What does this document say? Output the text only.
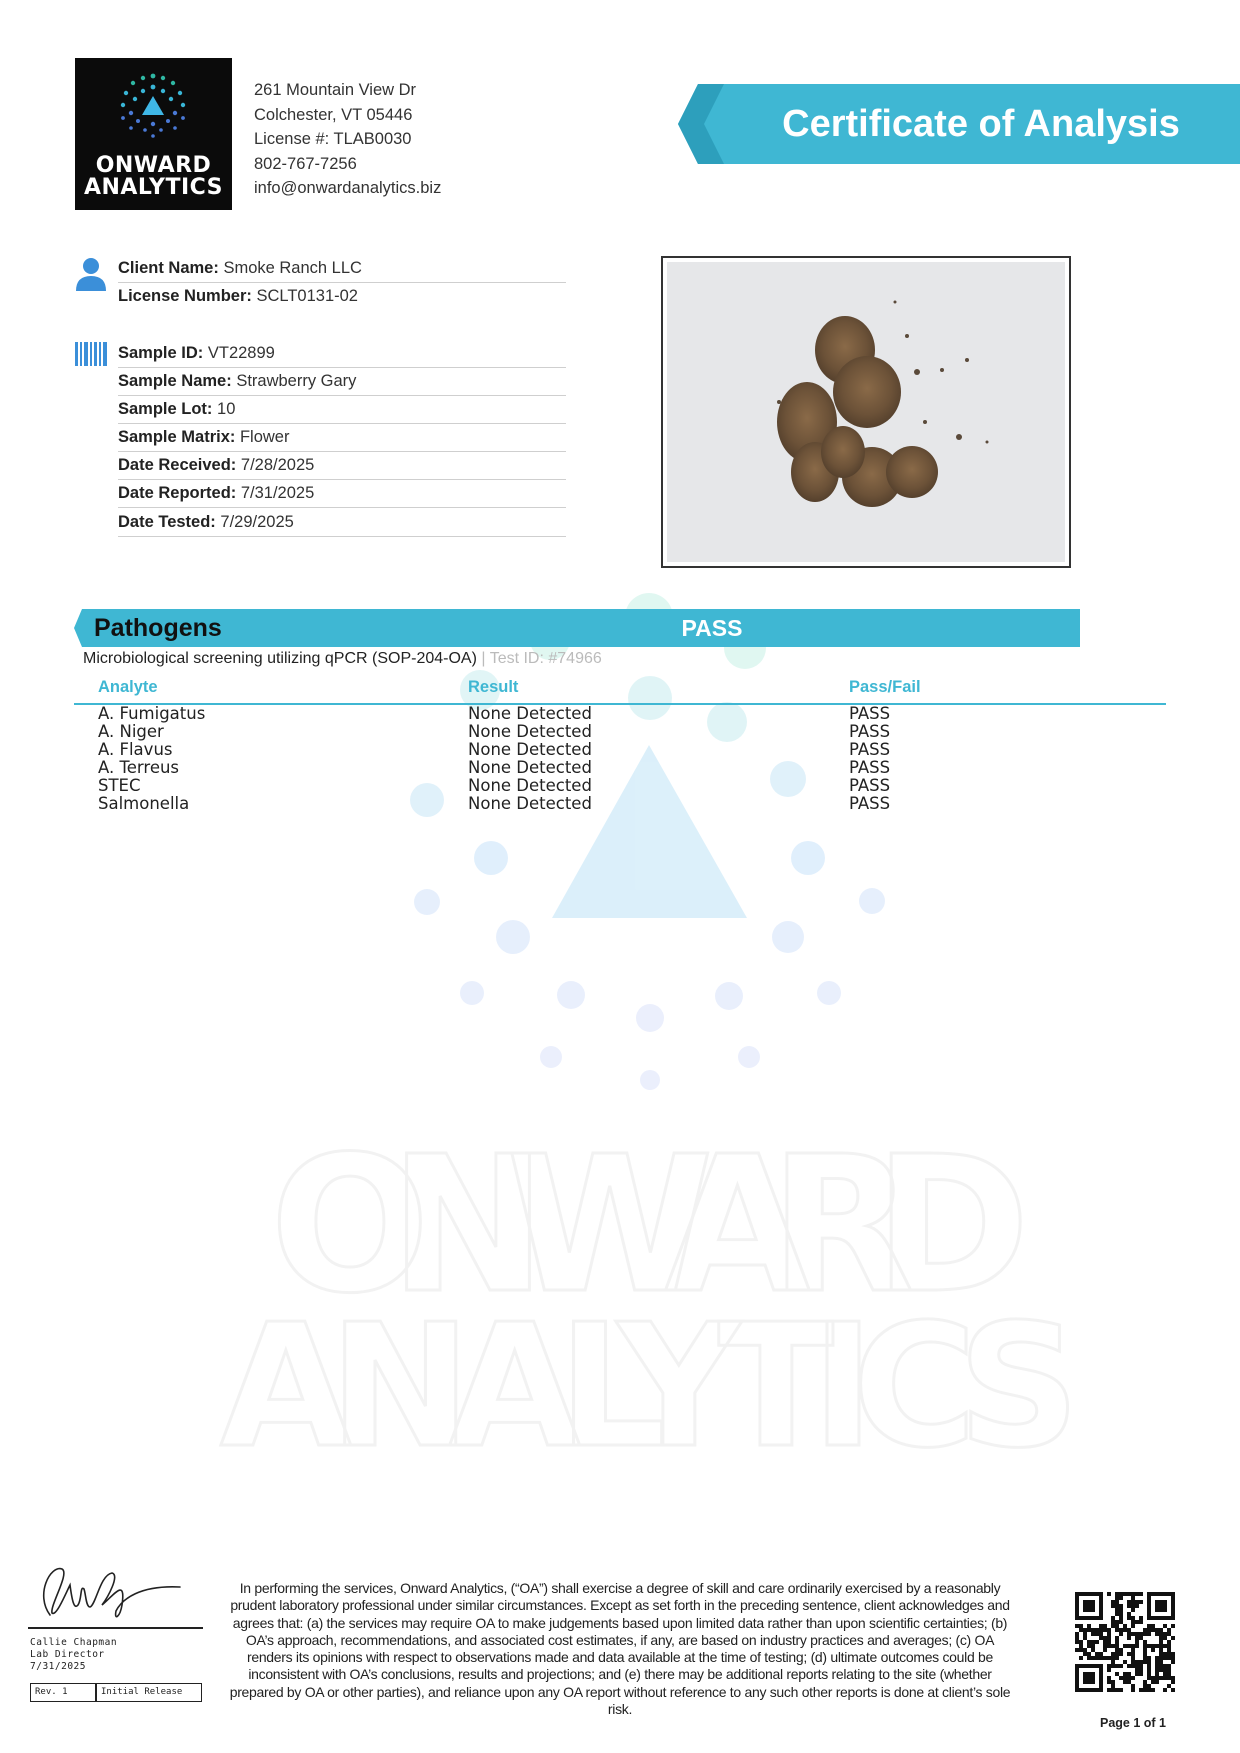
ONWARD
ANALYTICS
ONWARD
ANALYTICS
261 Mountain View Dr
Colchester, VT 05446
License #: TLAB0030
802-767-7256
info@onwardanalytics.biz
Certificate of Analysis
Client Name: Smoke Ranch LLC
License Number: SCLT0131-02
Sample ID: VT22899
Sample Name: Strawberry Gary
Sample Lot: 10
Sample Matrix: Flower
Date Received: 7/28/2025
Date Reported: 7/31/2025
Date Tested: 7/29/2025
Pathogens	PASS
Microbiological screening utilizing qPCR (SOP-204-OA) | Test ID: #74966
Analyte	Result	Pass/Fail
A. Fumigatus	None Detected	PASS
A. Niger	None Detected	PASS
A. Flavus	None Detected	PASS
A. Terreus	None Detected	PASS
STEC	None Detected	PASS
Salmonella	None Detected	PASS
Callie Chapman
Lab Director
7/31/2025
Rev. 1	Initial Release
In performing the services, Onward Analytics, (“OA”) shall exercise a degree of skill and care ordinarily exercised by a reasonably prudent laboratory professional under similar circumstances. Except as set forth in the preceding sentence, client acknowledges and agrees that: (a) the services may require OA to make judgements based upon limited data rather than upon scientific certainties; (b) OA’s approach, recommendations, and associated cost estimates, if any, are based on industry practices and averages; (c) OA renders its opinions with respect to observations made and data available at the time of testing; (d) ultimate outcomes could be inconsistent with OA’s conclusions, results and projections; and (e) there may be additional reports relating to the site (whether prepared by OA or other parties), and reliance upon any OA report without reference to any such other reports is done at client’s sole risk.
Page 1 of 1
